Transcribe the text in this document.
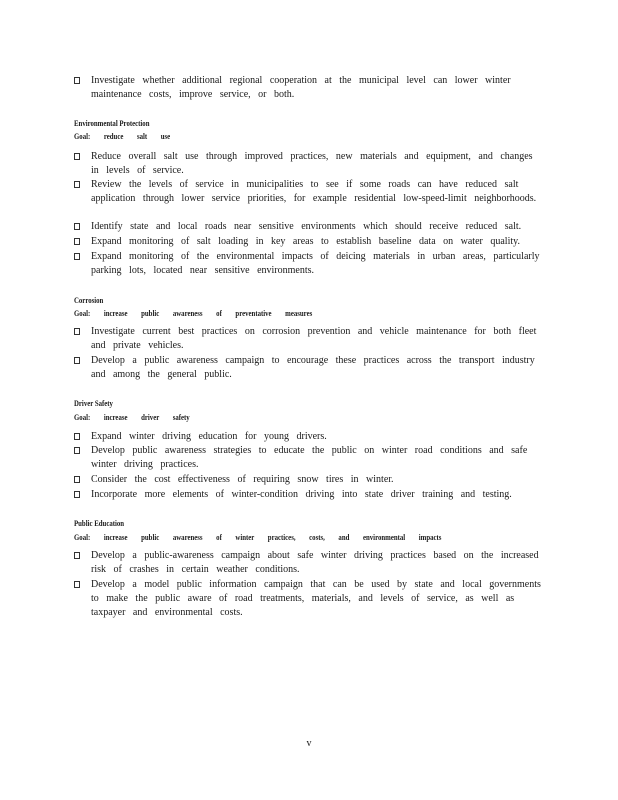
Investigate whether additional regional cooperation at the municipal level can lower winter maintenance costs, improve service, or both.
Environmental Protection
Goal: reduce salt use
Reduce overall salt use through improved practices, new materials and equipment, and changes in levels of service.
Review the levels of service in municipalities to see if some roads can have reduced salt application through lower service priorities, for example residential low-speed-limit neighborhoods.
Identify state and local roads near sensitive environments which should receive reduced salt.
Expand monitoring of salt loading in key areas to establish baseline data on water quality.
Expand monitoring of the environmental impacts of deicing materials in urban areas, particularly parking lots, located near sensitive environments.
Corrosion
Goal: increase public awareness of preventative measures
Investigate current best practices on corrosion prevention and vehicle maintenance for both fleet and private vehicles.
Develop a public awareness campaign to encourage these practices across the transport industry and among the general public.
Driver Safety
Goal: increase driver safety
Expand winter driving education for young drivers.
Develop public awareness strategies to educate the public on winter road conditions and safe winter driving practices.
Consider the cost effectiveness of requiring snow tires in winter.
Incorporate more elements of winter-condition driving into state driver training and testing.
Public Education
Goal: increase public awareness of winter practices, costs, and environmental impacts
Develop a public-awareness campaign about safe winter driving practices based on the increased risk of crashes in certain weather conditions.
Develop a model public information campaign that can be used by state and local governments to make the public aware of road treatments, materials, and levels of service, as well as taxpayer and environmental costs.
v
